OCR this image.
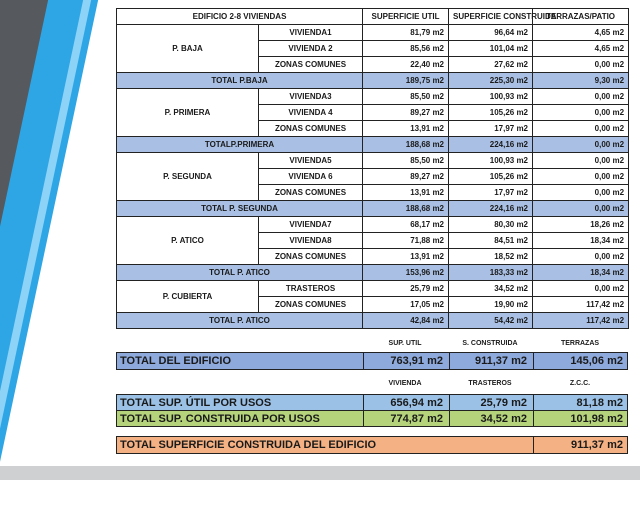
EDIFICIO 2-8 VIVIENDAS		SUPERFICIE UTIL	SUPERFICIE CONSTRUIDA	TERRAZAS/PATIO
P. BAJA	VIVIENDA1	81,79 m2	96,64 m2	4,65 m2
	VIVIENDA 2	85,56 m2	101,04 m2	4,65 m2
	ZONAS COMUNES	22,40 m2	27,62 m2	0,00 m2
TOTAL P.BAJA		189,75 m2	225,30 m2	9,30 m2
P. PRIMERA	VIVIENDA3	85,50 m2	100,93 m2	0,00 m2
	VIVIENDA 4	89,27 m2	105,26 m2	0,00 m2
	ZONAS COMUNES	13,91 m2	17,97 m2	0,00 m2
TOTALP.PRIMERA		188,68 m2	224,16 m2	0,00 m2
P. SEGUNDA	VIVIENDA5	85,50 m2	100,93 m2	0,00 m2
	VIVIENDA 6	89,27 m2	105,26 m2	0,00 m2
	ZONAS COMUNES	13,91 m2	17,97 m2	0,00 m2
TOTAL P. SEGUNDA		188,68 m2	224,16 m2	0,00 m2
P. ATICO	VIVIENDA7	68,17 m2	80,30 m2	18,26 m2
	VIVIENDA8	71,88 m2	84,51 m2	18,34 m2
	ZONAS COMUNES	13,91 m2	18,52 m2	0,00 m2
TOTAL P. ATICO		153,96 m2	183,33 m2	18,34 m2
P. CUBIERTA	TRASTEROS	25,79 m2	34,52 m2	0,00 m2
	ZONAS COMUNES	17,05 m2	19,90 m2	117,42 m2
TOTAL P. ATICO		42,84 m2	54,42 m2	117,42 m2
SUP. UTIL	S. CONSTRUIDA	TERRAZAS
TOTAL DEL EDIFICIO	763,91 m2	911,37 m2	145,06 m2
VIVIENDA	TRASTEROS	Z.C.C.
TOTAL SUP. ÚTIL POR USOS	656,94 m2	25,79 m2	81,18 m2
TOTAL SUP. CONSTRUIDA POR USOS	774,87 m2	34,52 m2	101,98 m2
TOTAL SUPERFICIE CONSTRUIDA DEL EDIFICIO	911,37 m2
